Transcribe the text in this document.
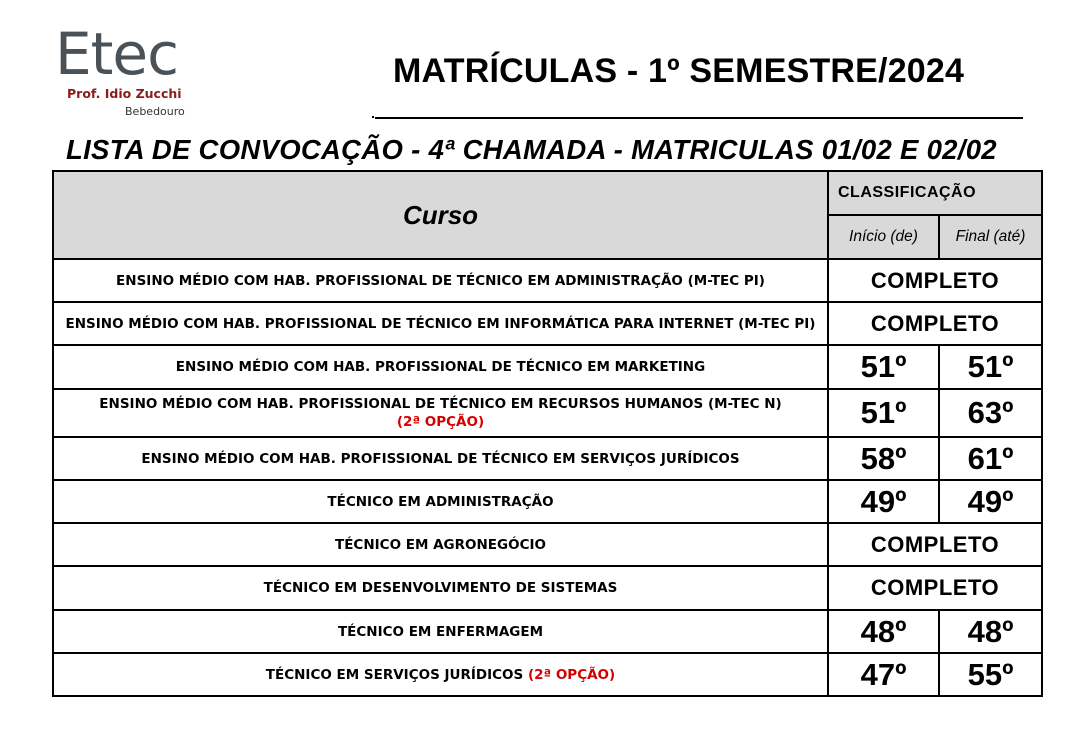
Etec
Prof. Idio Zucchi
Bebedouro
MATRÍCULAS - 1º SEMESTRE/2024
LISTA DE CONVOCAÇÃO - 4ª CHAMADA - MATRICULAS 01/02 E 02/02
Curso	CLASSIFICAÇÃO	
	Início (de)	Final (até)
ENSINO MÉDIO COM HAB. PROFISSIONAL DE TÉCNICO EM ADMINISTRAÇÃO (M-TEC PI)	COMPLETO	
ENSINO MÉDIO COM HAB. PROFISSIONAL DE TÉCNICO EM INFORMÁTICA PARA INTERNET (M-TEC PI)	COMPLETO	
ENSINO MÉDIO COM HAB. PROFISSIONAL DE TÉCNICO EM MARKETING	51º	51º
ENSINO MÉDIO COM HAB. PROFISSIONAL DE TÉCNICO EM RECURSOS HUMANOS (M-TEC N)
(2ª OPÇÃO)	51º	63º
ENSINO MÉDIO COM HAB. PROFISSIONAL DE TÉCNICO EM SERVIÇOS JURÍDICOS	58º	61º
TÉCNICO EM ADMINISTRAÇÃO	49º	49º
TÉCNICO EM AGRONEGÓCIO	COMPLETO	
TÉCNICO EM DESENVOLVIMENTO DE SISTEMAS	COMPLETO	
TÉCNICO EM ENFERMAGEM	48º	48º
TÉCNICO EM SERVIÇOS JURÍDICOS (2ª OPÇÃO)	47º	55º
